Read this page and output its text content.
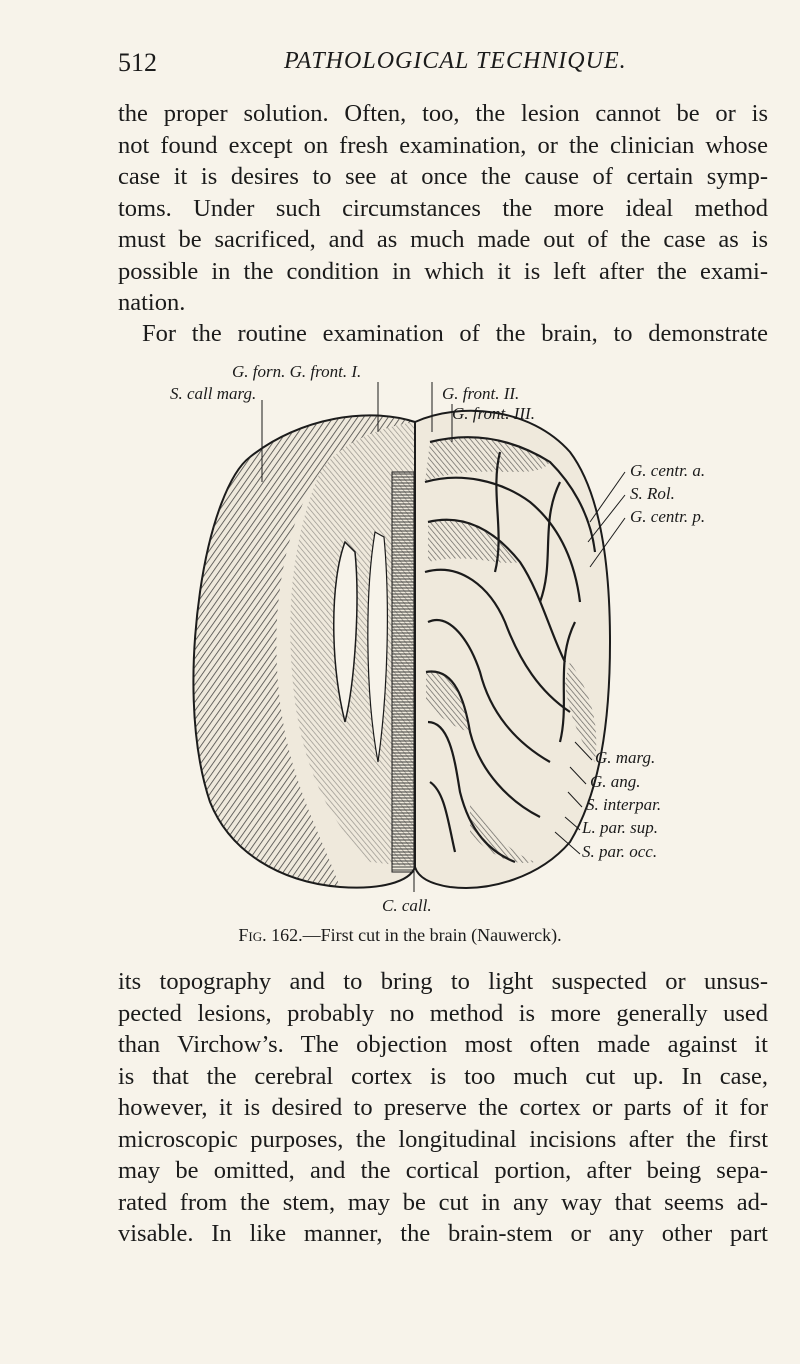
512	PATHOLOGICAL TECHNIQUE.
the proper solution. Often, too, the lesion cannot be or is
not found except on fresh examination, or the clinician whose
case it is desires to see at once the cause of certain symp-
toms. Under such circumstances the more ideal method
must be sacrificed, and as much made out of the case as is
possible in the condition in which it is left after the exami-
nation.
For the routine examination of the brain, to demonstrate
G. forn. G. front. I.
S. call marg.	G. front. II.
G. front. III.
G. centr. a.
S. Rol.
G. centr. p.
G. marg.
G. ang.
S. interpar.
L. par. sup.
S. par. occ.
C. call.
Fig. 162.—First cut in the brain (Nauwerck).
its topography and to bring to light suspected or unsus-
pected lesions, probably no method is more generally used
than Virchow’s. The objection most often made against it
is that the cerebral cortex is too much cut up. In case,
however, it is desired to preserve the cortex or parts of it for
microscopic purposes, the longitudinal incisions after the first
may be omitted, and the cortical portion, after being sepa-
rated from the stem, may be cut in any way that seems ad-
visable. In like manner, the brain-stem or any other part
